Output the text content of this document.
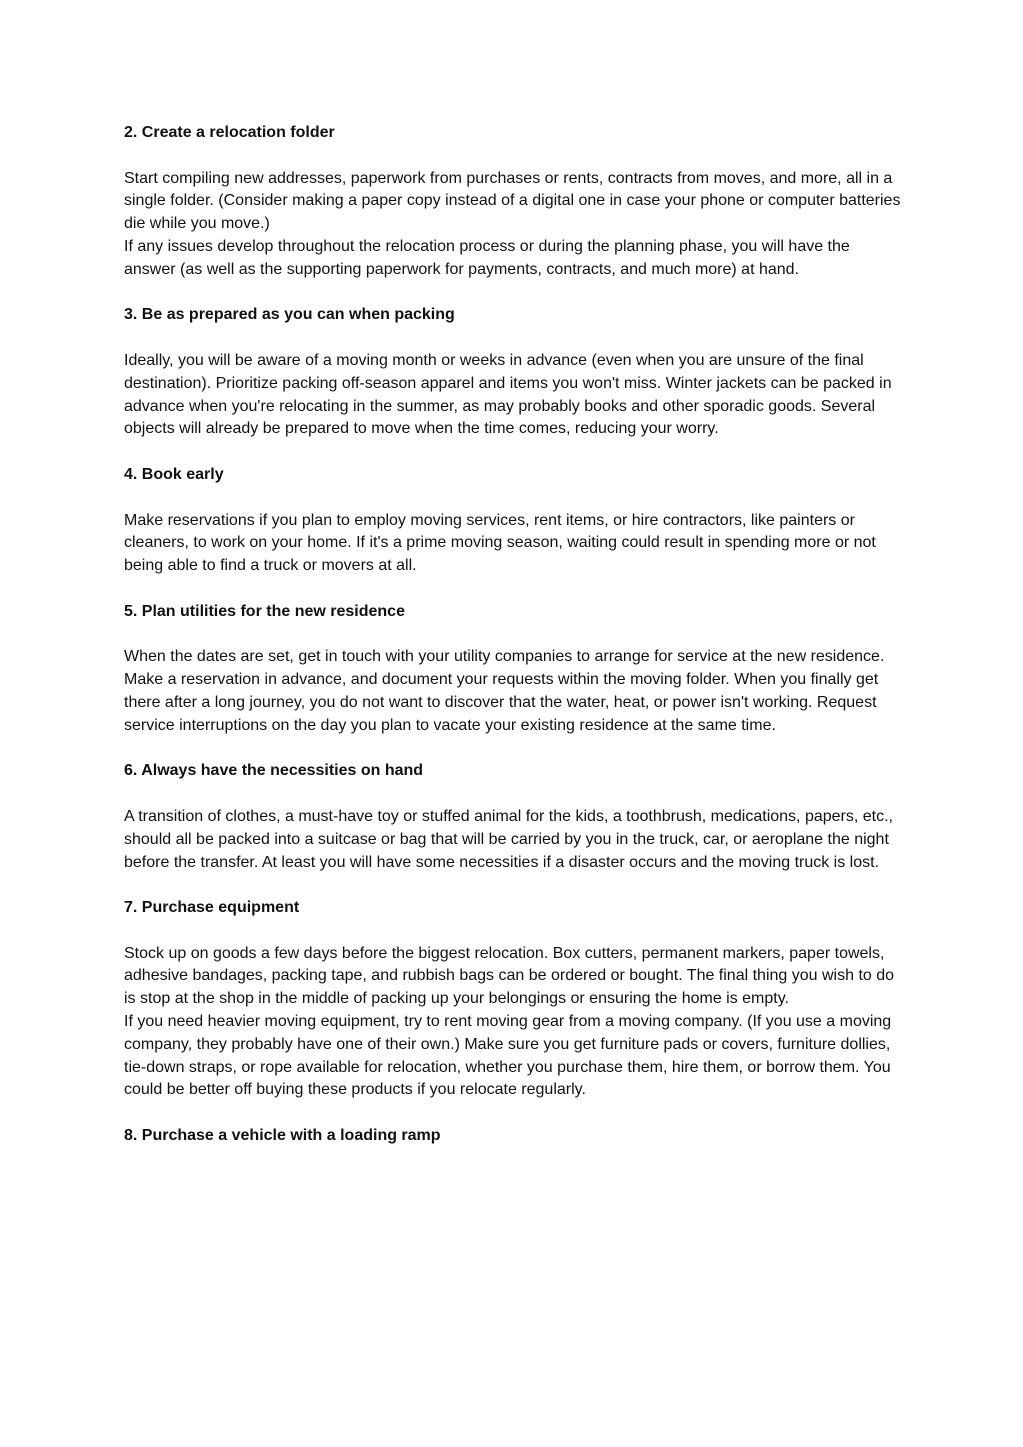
2. Create a relocation folder

Start compiling new addresses, paperwork from purchases or rents, contracts from moves, and more, all in a single folder. (Consider making a paper copy instead of a digital one in case your phone or computer batteries die while you move.)

If any issues develop throughout the relocation process or during the planning phase, you will have the answer (as well as the supporting paperwork for payments, contracts, and much more) at hand.

3. Be as prepared as you can when packing

Ideally, you will be aware of a moving month or weeks in advance (even when you are unsure of the final destination). Prioritize packing off-season apparel and items you won't miss. Winter jackets can be packed in advance when you're relocating in the summer, as may probably books and other sporadic goods. Several objects will already be prepared to move when the time comes, reducing your worry.

4. Book early

Make reservations if you plan to employ moving services, rent items, or hire contractors, like painters or cleaners, to work on your home. If it's a prime moving season, waiting could result in spending more or not being able to find a truck or movers at all.

5. Plan utilities for the new residence

When the dates are set, get in touch with your utility companies to arrange for service at the new residence. Make a reservation in advance, and document your requests within the moving folder. When you finally get there after a long journey, you do not want to discover that the water, heat, or power isn't working. Request service interruptions on the day you plan to vacate your existing residence at the same time.

6. Always have the necessities on hand

A transition of clothes, a must-have toy or stuffed animal for the kids, a toothbrush, medications, papers, etc., should all be packed into a suitcase or bag that will be carried by you in the truck, car, or aeroplane the night before the transfer. At least you will have some necessities if a disaster occurs and the moving truck is lost.

7. Purchase equipment

Stock up on goods a few days before the biggest relocation. Box cutters, permanent markers, paper towels, adhesive bandages, packing tape, and rubbish bags can be ordered or bought. The final thing you wish to do is stop at the shop in the middle of packing up your belongings or ensuring the home is empty.

If you need heavier moving equipment, try to rent moving gear from a moving company. (If you use a moving company, they probably have one of their own.) Make sure you get furniture pads or covers, furniture dollies, tie-down straps, or rope available for relocation, whether you purchase them, hire them, or borrow them. You could be better off buying these products if you relocate regularly.

8. Purchase a vehicle with a loading ramp
